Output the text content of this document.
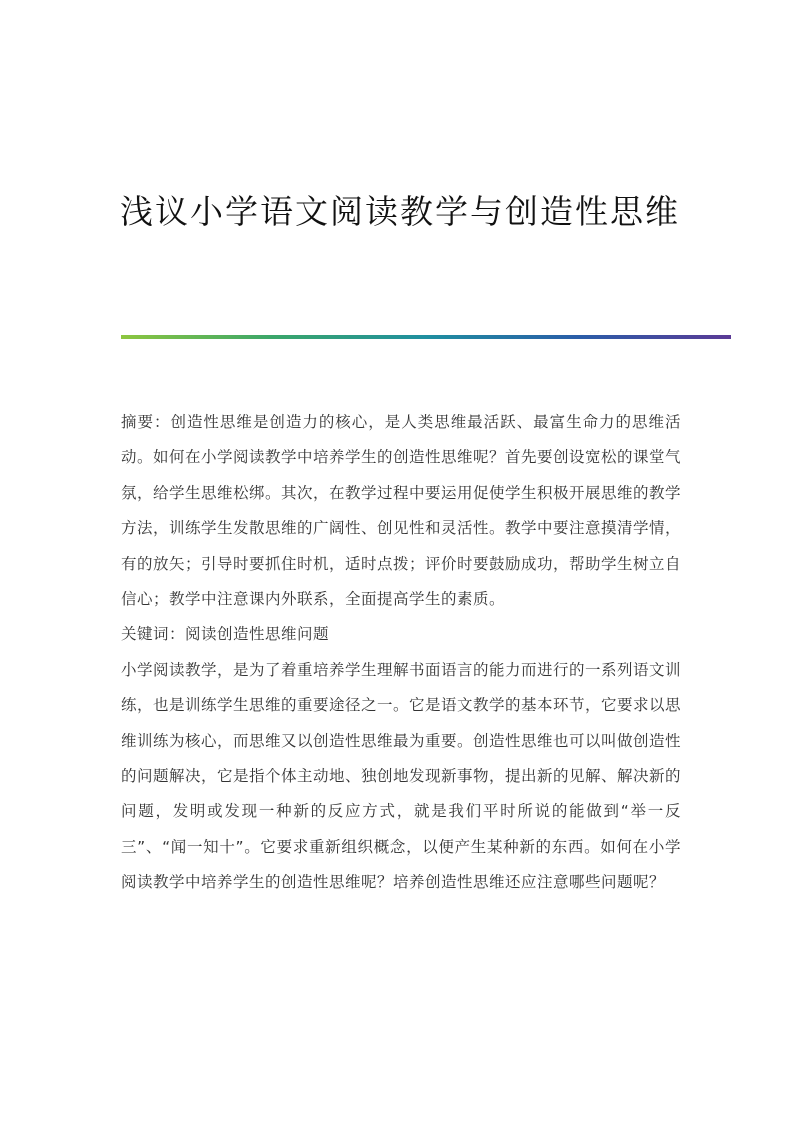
浅议小学语文阅读教学与创造性思维

摘要：创造性思维是创造力的核心，是人类思维最活跃、最富生命力的思维活动。如何在小学阅读教学中培养学生的创造性思维呢？首先要创设宽松的课堂气氛，给学生思维松绑。其次，在教学过程中要运用促使学生积极开展思维的教学方法，训练学生发散思维的广阔性、创见性和灵活性。教学中要注意摸清学情，有的放矢；引导时要抓住时机，适时点拨；评价时要鼓励成功，帮助学生树立自信心；教学中注意课内外联系，全面提高学生的素质。

关键词：阅读创造性思维问题

小学阅读教学，是为了着重培养学生理解书面语言的能力而进行的一系列语文训练，也是训练学生思维的重要途径之一。它是语文教学的基本环节，它要求以思维训练为核心，而思维又以创造性思维最为重要。创造性思维也可以叫做创造性的问题解决，它是指个体主动地、独创地发现新事物，提出新的见解、解决新的问题，发明或发现一种新的反应方式，就是我们平时所说的能做到“举一反三”、“闻一知十”。它要求重新组织概念，以便产生某种新的东西。如何在小学阅读教学中培养学生的创造性思维呢？培养创造性思维还应注意哪些问题呢？
